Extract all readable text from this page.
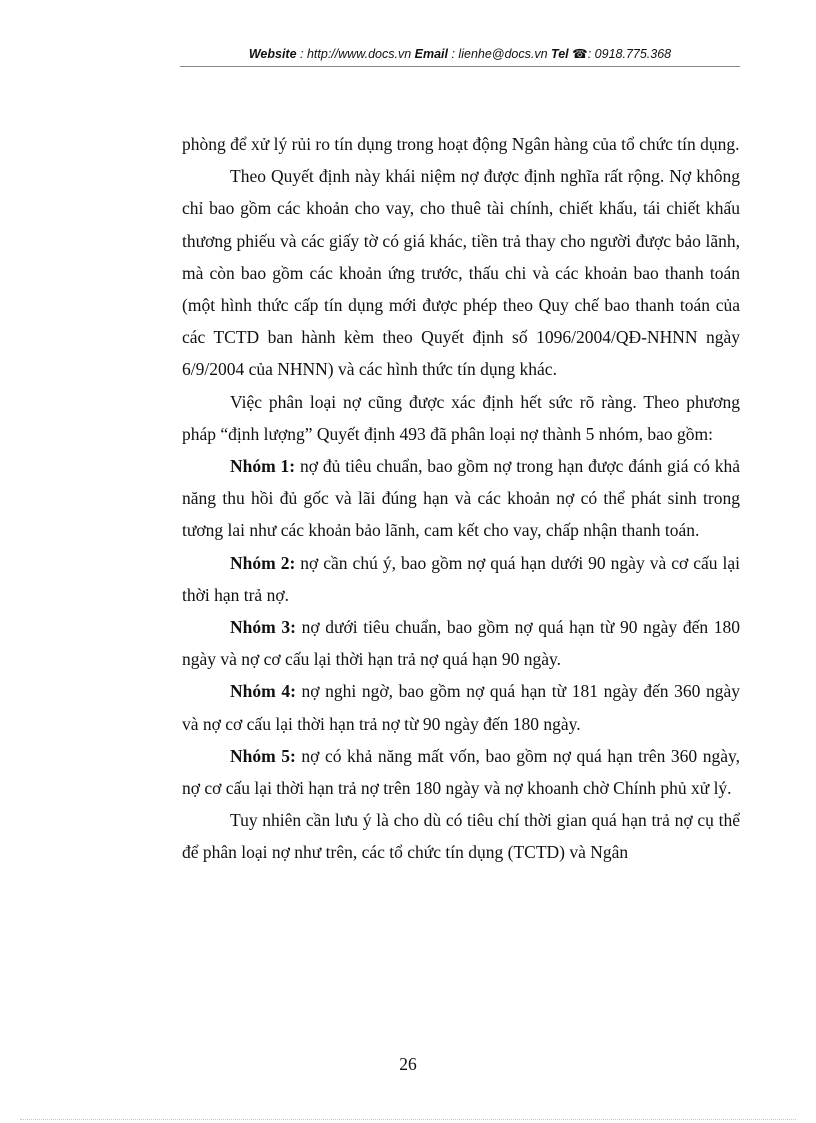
Website : http://www.docs.vn Email : lienhe@docs.vn Tel ☎: 0918.775.368

phòng để xử lý rủi ro tín dụng trong hoạt động Ngân hàng của tổ chức tín dụng.

Theo Quyết định này khái niệm nợ được định nghĩa rất rộng. Nợ không chỉ bao gồm các khoản cho vay, cho thuê tài chính, chiết khấu, tái chiết khấu thương phiếu và các giấy tờ có giá khác, tiền trả thay cho người được bảo lãnh, mà còn bao gồm các khoản ứng trước, thấu chi và các khoản bao thanh toán (một hình thức cấp tín dụng mới được phép theo Quy chế bao thanh toán của các TCTD ban hành kèm theo Quyết định số 1096/2004/QĐ-NHNN ngày 6/9/2004 của NHNN) và các hình thức tín dụng khác.

Việc phân loại nợ cũng được xác định hết sức rõ ràng. Theo phương pháp “định lượng” Quyết định 493 đã phân loại nợ thành 5 nhóm, bao gồm:

Nhóm 1: nợ đủ tiêu chuẩn, bao gồm nợ trong hạn được đánh giá có khả năng thu hồi đủ gốc và lãi đúng hạn và các khoản nợ có thể phát sinh trong tương lai như các khoản bảo lãnh, cam kết cho vay, chấp nhận thanh toán.

Nhóm 2: nợ cần chú ý, bao gồm nợ quá hạn dưới 90 ngày và cơ cấu lại thời hạn trả nợ.

Nhóm 3: nợ dưới tiêu chuẩn, bao gồm nợ quá hạn từ 90 ngày đến 180 ngày và nợ cơ cấu lại thời hạn trả nợ quá hạn 90 ngày.

Nhóm 4: nợ nghi ngờ, bao gồm nợ quá hạn từ 181 ngày đến 360 ngày và nợ cơ cấu lại thời hạn trả nợ từ 90 ngày đến 180 ngày.

Nhóm 5: nợ có khả năng mất vốn, bao gồm nợ quá hạn trên 360 ngày, nợ cơ cấu lại thời hạn trả nợ trên 180 ngày và nợ khoanh chờ Chính phủ xử lý.

Tuy nhiên cần lưu ý là cho dù có tiêu chí thời gian quá hạn trả nợ cụ thể để phân loại nợ như trên, các tổ chức tín dụng (TCTD) và Ngân

26
